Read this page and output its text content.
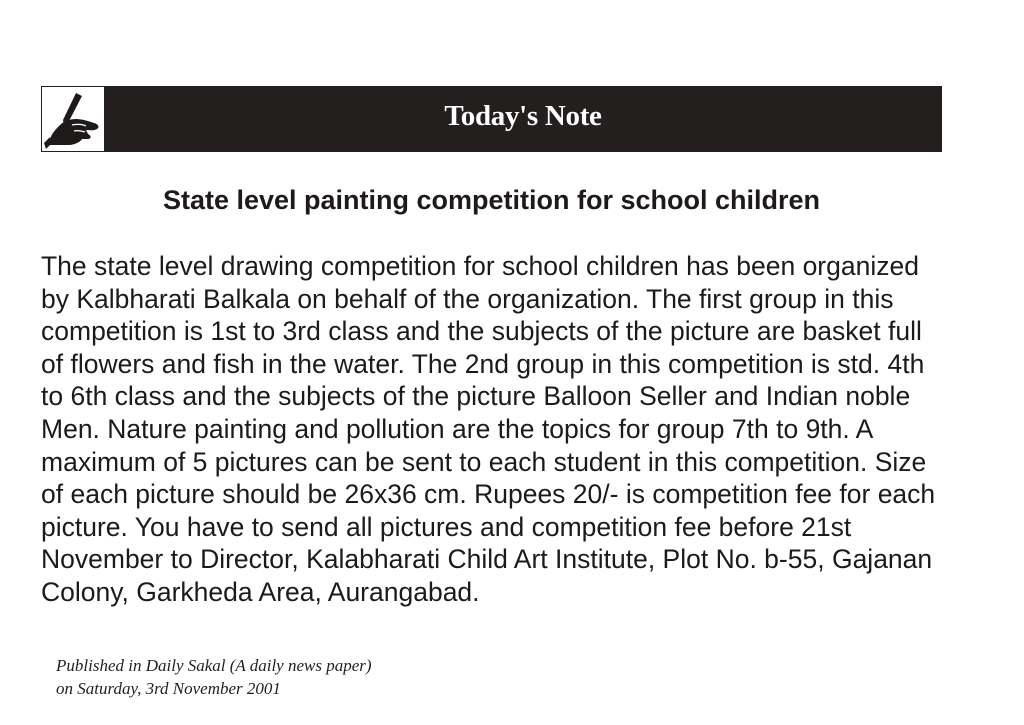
Today's Note
State level painting competition for school children

The state level drawing competition for school children has been organized by Kalbharati Balkala on behalf of the organization. The first group in this competition is 1st to 3rd class and the subjects of the picture are basket full of flowers and fish in the water. The 2nd group in this competition is std. 4th to 6th class and the subjects of the picture Balloon Seller and Indian noble Men. Nature painting and pollution are the topics for group 7th to 9th. A maximum of 5 pictures can be sent to each student in this competition. Size of each picture should be 26x36 cm. Rupees 20/- is competition fee for each picture. You have to send all pictures and competition fee before 21st November to Director, Kalabharati Child Art Institute, Plot No. b-55, Gajanan Colony, Garkheda Area, Aurangabad.

Published in Daily Sakal (A daily news paper)
on Saturday, 3rd November 2001
